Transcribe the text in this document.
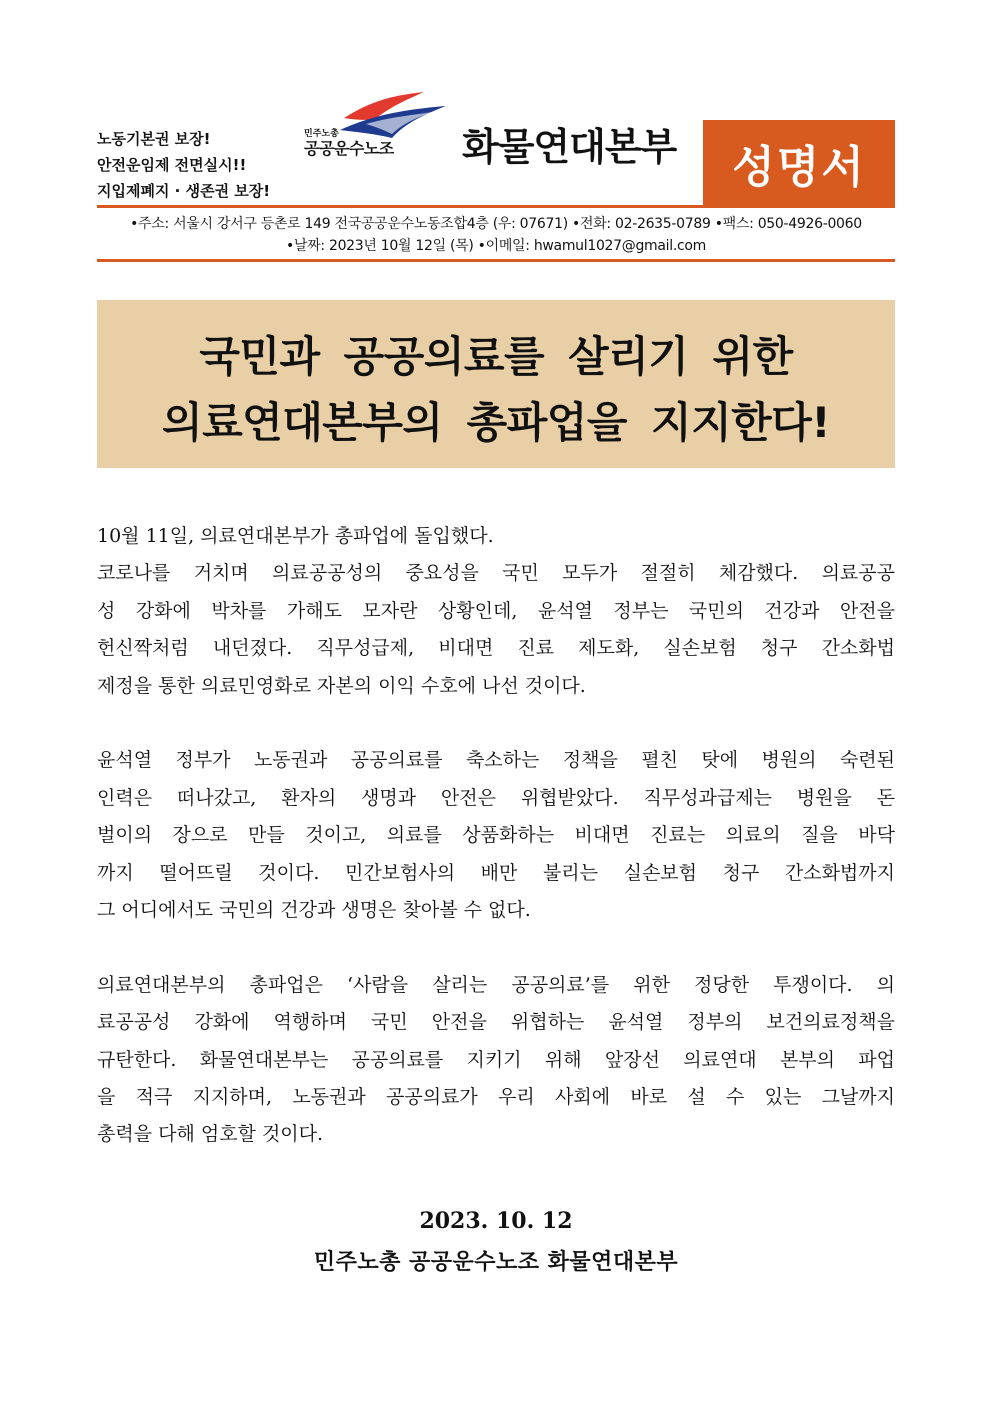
노동기본권 보장!
안전운임제 전면실시!!
지입제폐지 · 생존권 보장!
민주노총
공공운수노조 화물연대본부	성명서
•주소: 서울시 강서구 등촌로 149 전국공공운수노동조합4층 (우: 07671) •전화: 02-2635-0789 •팩스: 050-4926-0060
•날짜: 2023년 10월 12일 (목) •이메일: hwamul1027@gmail.com
국민과 공공의료를 살리기 위한
의료연대본부의 총파업을 지지한다!

10월 11일, 의료연대본부가 총파업에 돌입했다.
코로나를 거치며 의료공공성의 중요성을 국민 모두가 절절히 체감했다. 의료공공
성 강화에 박차를 가해도 모자란 상황인데, 윤석열 정부는 국민의 건강과 안전을
헌신짝처럼 내던졌다. 직무성급제, 비대면 진료 제도화, 실손보험 청구 간소화법
제정을 통한 의료민영화로 자본의 이익 수호에 나선 것이다.

윤석열 정부가 노동권과 공공의료를 축소하는 정책을 펼친 탓에 병원의 숙련된
인력은 떠나갔고, 환자의 생명과 안전은 위협받았다. 직무성과급제는 병원을 돈
벌이의 장으로 만들 것이고, 의료를 상품화하는 비대면 진료는 의료의 질을 바닥
까지 떨어뜨릴 것이다. 민간보험사의 배만 불리는 실손보험 청구 간소화법까지
그 어디에서도 국민의 건강과 생명은 찾아볼 수 없다.

의료연대본부의 총파업은 ‘사람을 살리는 공공의료’를 위한 정당한 투쟁이다. 의
료공공성 강화에 역행하며 국민 안전을 위협하는 윤석열 정부의 보건의료정책을
규탄한다. 화물연대본부는 공공의료를 지키기 위해 앞장선 의료연대 본부의 파업
을 적극 지지하며, 노동권과 공공의료가 우리 사회에 바로 설 수 있는 그날까지
총력을 다해 엄호할 것이다.

2023. 10. 12
민주노총 공공운수노조 화물연대본부
